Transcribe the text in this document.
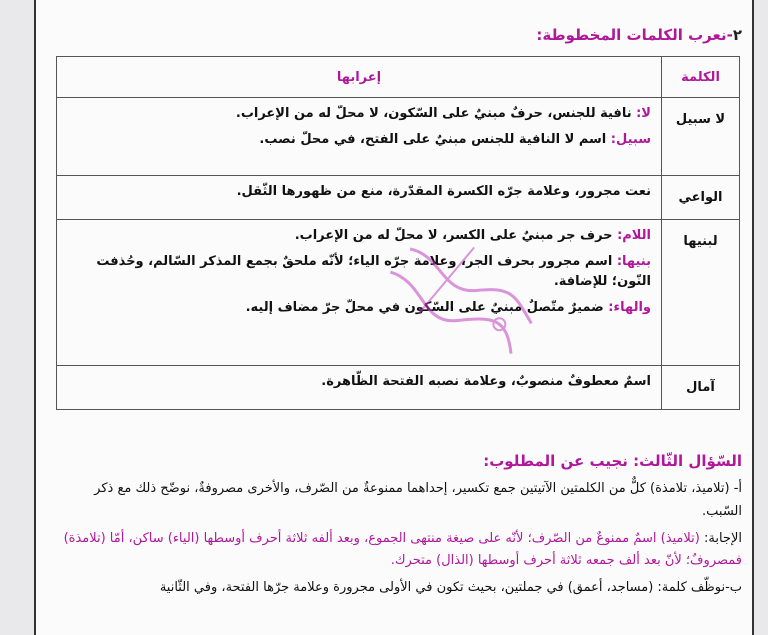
٢-نعرب الكلمات المخطوطة:
الكلمة	إعرابها
لا سبيل	لا: نافية للجنس، حرفٌ مبنيٌ على السّكون، لا محلّ له من الإعراب.

سبيل: اسم لا النافية للجنس مبنيٌ على الفتح، في محلّ نصب.

الواعي	نعت مجرور، وعلامة جرّه الكسرة المقدّرة، منع من ظهورها الثّقل.

لبنيها	اللام: حرف جر مبنيٌ على الكسر، لا محلّ له من الإعراب.

بنيها: اسم مجرور بحرف الجر، وعلامة جرّه الياء؛ لأنّه ملحقٌ بجمع المذكر السّالم، وحُذفت النّون؛ للإضافة.

والهاء: ضميرٌ متّصلٌ مبنيٌ على السّكون في محلّ جرّ مضاف إليه.

آمال	اسمٌ معطوفٌ منصوبٌ، وعلامة نصبه الفتحة الظّاهرة.

السّؤال الثّالث: نجيب عن المطلوب:

أ- (تلاميذ، تلامذة) كلٌّ من الكلمتين الآتيتين جمع تكسير، إحداهما ممنوعةٌ من الصّرف، والأخرى مصروفةٌ، نوضّح ذلك مع ذكر السّبب.

الإجابة: (تلاميذ) اسمٌ ممنوعٌ من الصّرف؛ لأنّه على صيغة منتهى الجموع، وبعد ألفه ثلاثة أحرف أوسطها (الياء) ساكن، أمّا (تلامذة) فمصروفٌ؛ لأنّ بعد ألف جمعه ثلاثة أحرف أوسطها (الذال) متحرك.

ب-نوظّف كلمة: (مساجد، أعمق) في جملتين، بحيث تكون في الأولى مجرورة وعلامة جرّها الفتحة، وفي الثّانية
